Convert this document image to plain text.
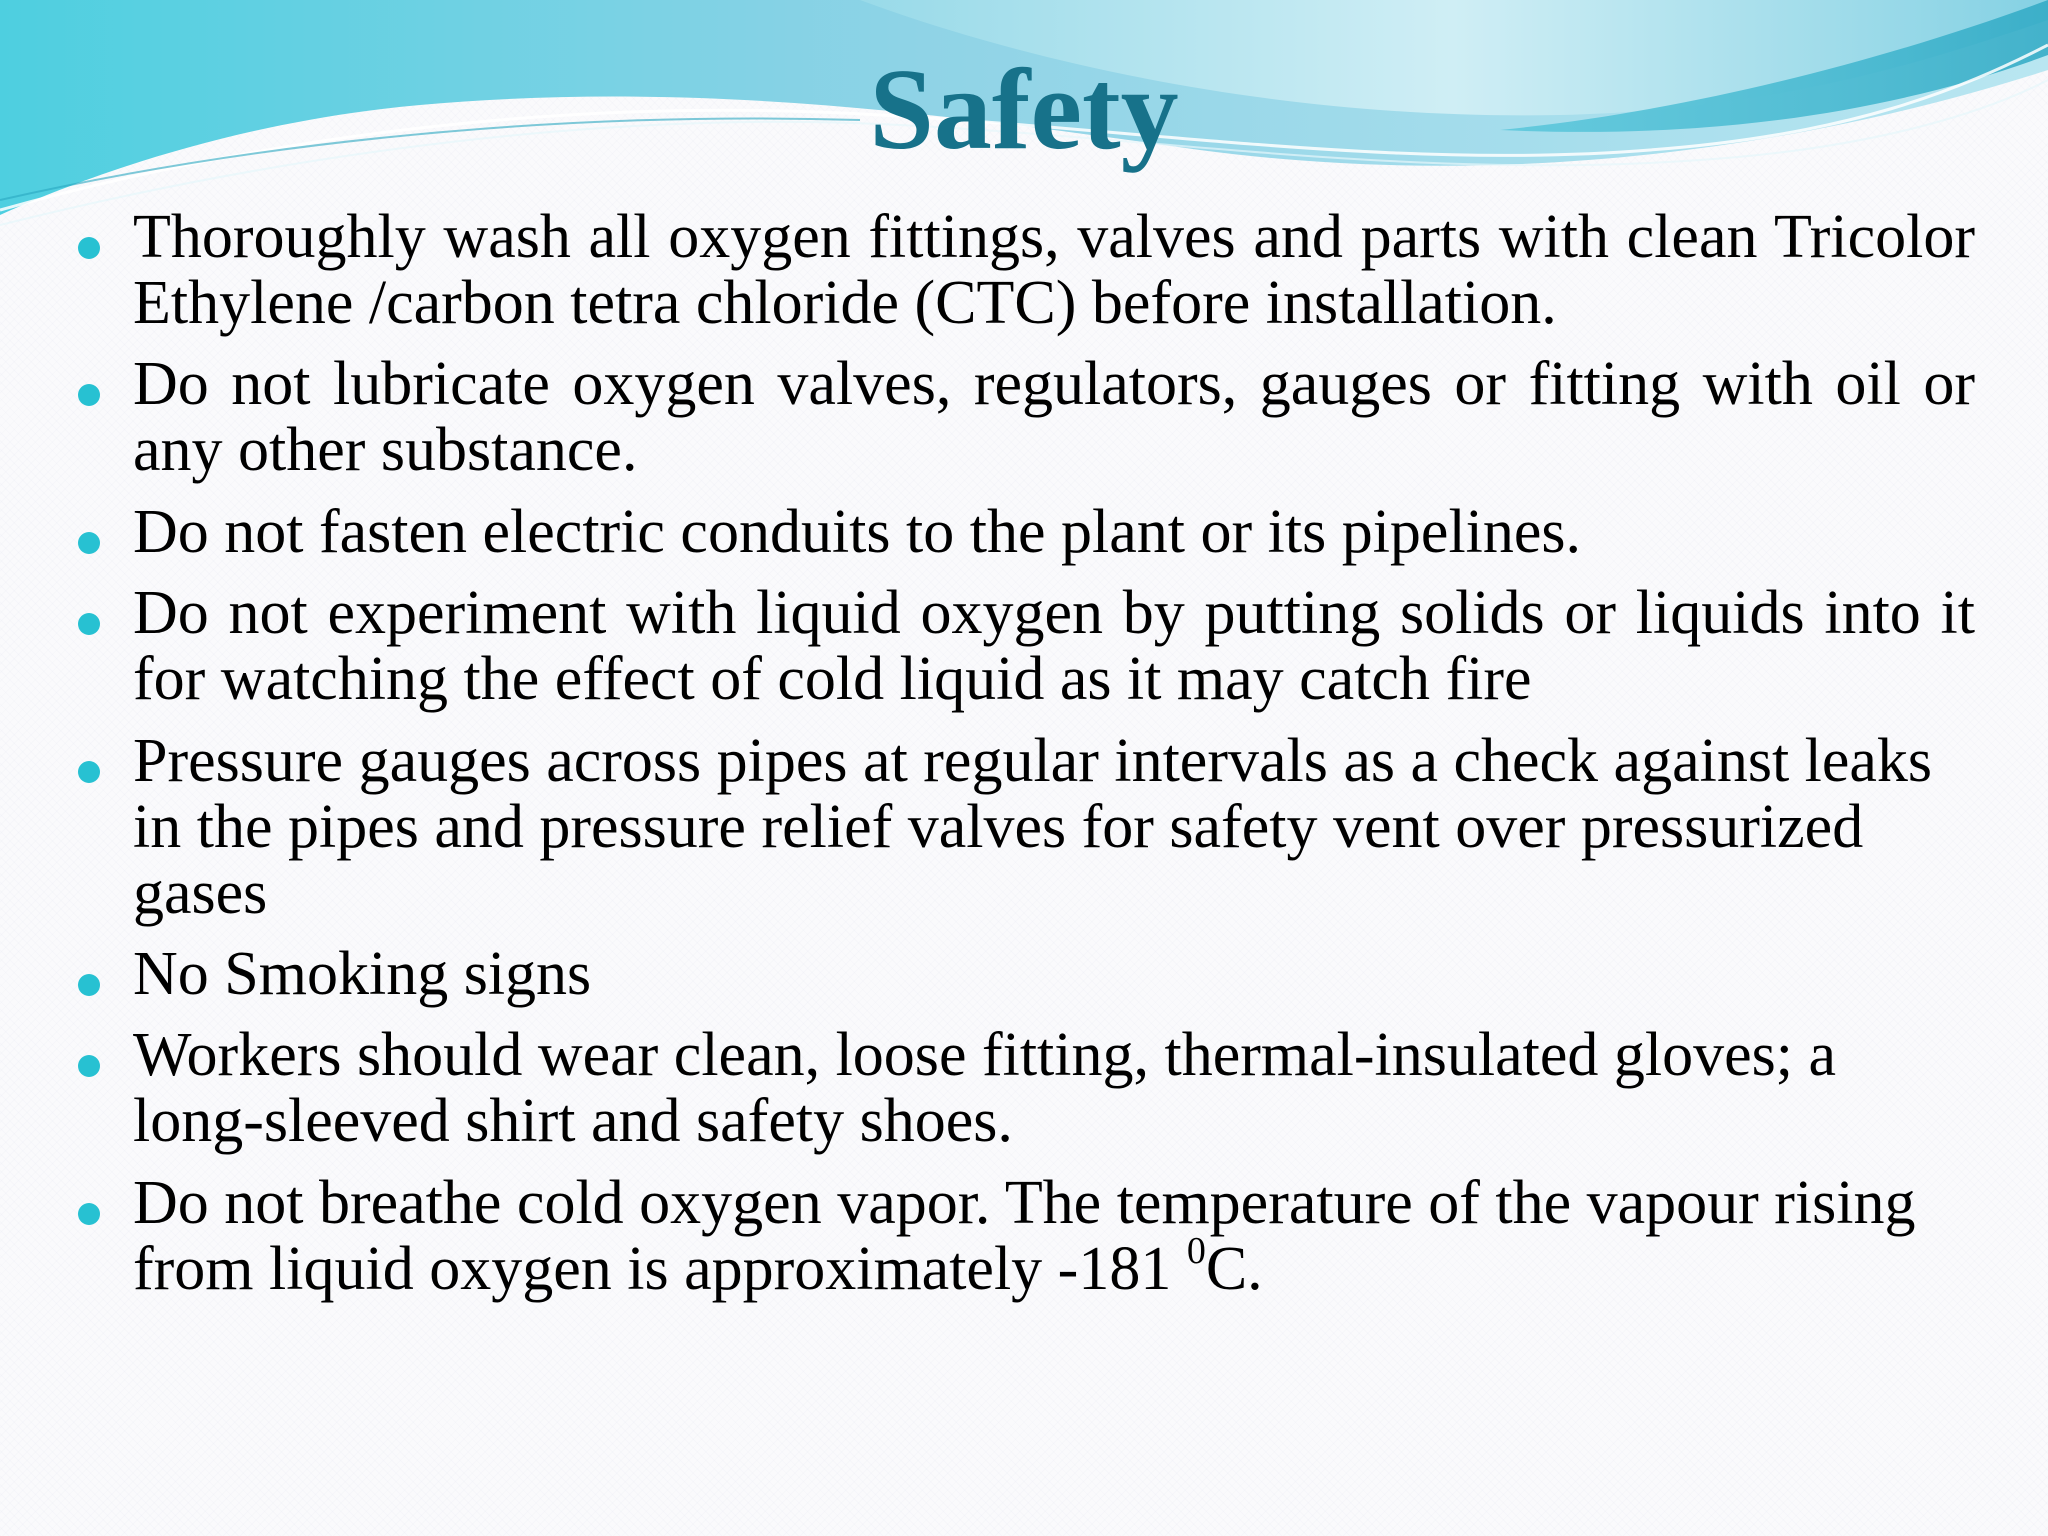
Safety
Thoroughly wash all oxygen fittings, valves and parts with clean Tricolor Ethylene /carbon tetra chloride (CTC) before installation.
Do not lubricate oxygen valves, regulators, gauges or fitting with oil or any other substance.
Do not fasten electric conduits to the plant or its pipelines.
Do not experiment with liquid oxygen by putting solids or liquids into it for watching the effect of cold liquid as it may catch fire
Pressure gauges across pipes at regular intervals as a check against leaks in the pipes and pressure relief valves for safety vent over pressurized gases
No Smoking signs
Workers should wear clean, loose fitting, thermal-insulated gloves; a long-sleeved shirt and safety shoes.
Do not breathe cold oxygen vapor. The temperature of the vapour rising from liquid oxygen is approximately -181 $^0$C.
